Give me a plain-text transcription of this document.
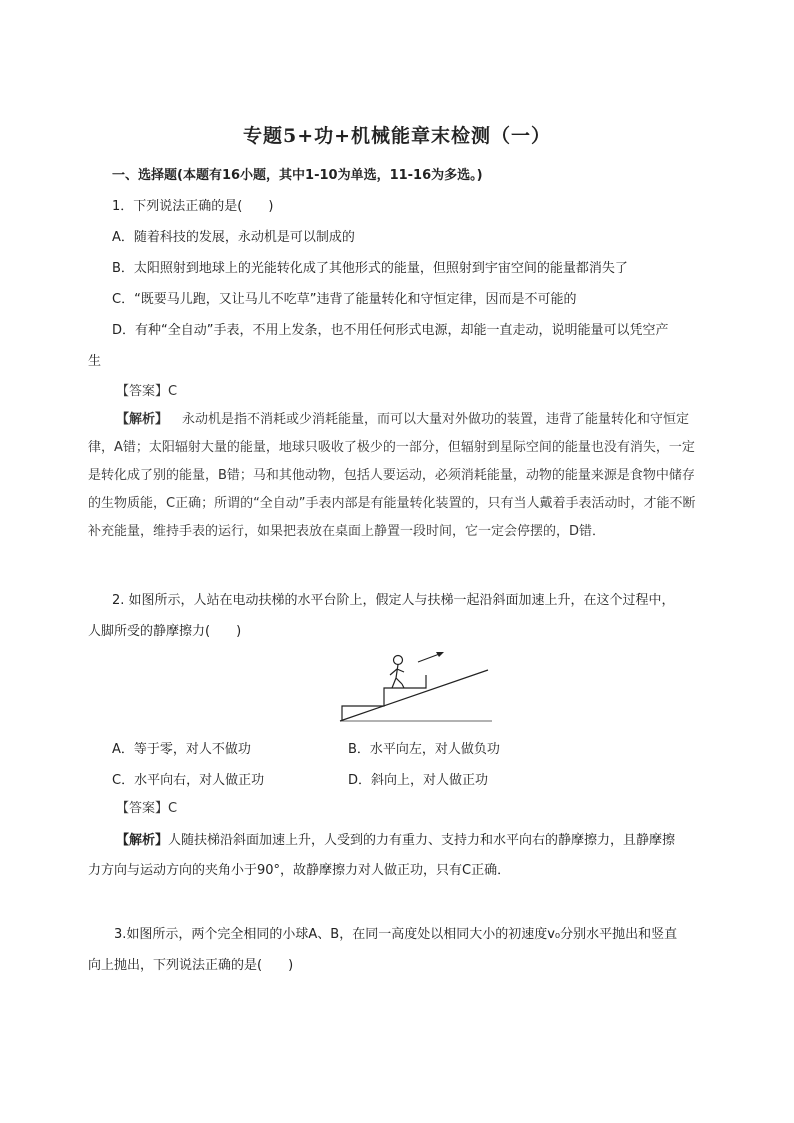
专题5+功+机械能章末检测（一）
一、选择题(本题有16小题，其中1-10为单选，11-16为多选。)
1．下列说法正确的是(　　)
A．随着科技的发展，永动机是可以制成的
B．太阳照射到地球上的光能转化成了其他形式的能量，但照射到宇宙空间的能量都消失了
C．“既要马儿跑，又让马儿不吃草”违背了能量转化和守恒定律，因而是不可能的
D．有种“全自动”手表，不用上发条，也不用任何形式电源，却能一直走动，说明能量可以凭空产
生
【答案】C
【解析】 永动机是指不消耗或少消耗能量，而可以大量对外做功的装置，违背了能量转化和守恒定
律，A错；太阳辐射大量的能量，地球只吸收了极少的一部分，但辐射到星际空间的能量也没有消失，一定
是转化成了别的能量，B错；马和其他动物，包括人要运动，必须消耗能量，动物的能量来源是食物中储存
的生物质能，C正确；所谓的“全自动”手表内部是有能量转化装置的，只有当人戴着手表活动时，才能不断
补充能量，维持手表的运行，如果把表放在桌面上静置一段时间，它一定会停摆的，D错．
2. 如图所示，人站在电动扶梯的水平台阶上，假定人与扶梯一起沿斜面加速上升，在这个过程中，
人脚所受的静摩擦力(　　)
A．等于零，对人不做功	B．水平向左，对人做负功
C．水平向右，对人做正功	D．斜向上，对人做正功
【答案】C
【解析】人随扶梯沿斜面加速上升，人受到的力有重力、支持力和水平向右的静摩擦力，且静摩擦
力方向与运动方向的夹角小于90°，故静摩擦力对人做正功，只有C正确．
3.如图所示，两个完全相同的小球A、B，在同一高度处以相同大小的初速度v₀分别水平抛出和竖直
向上抛出，下列说法正确的是(　　)
